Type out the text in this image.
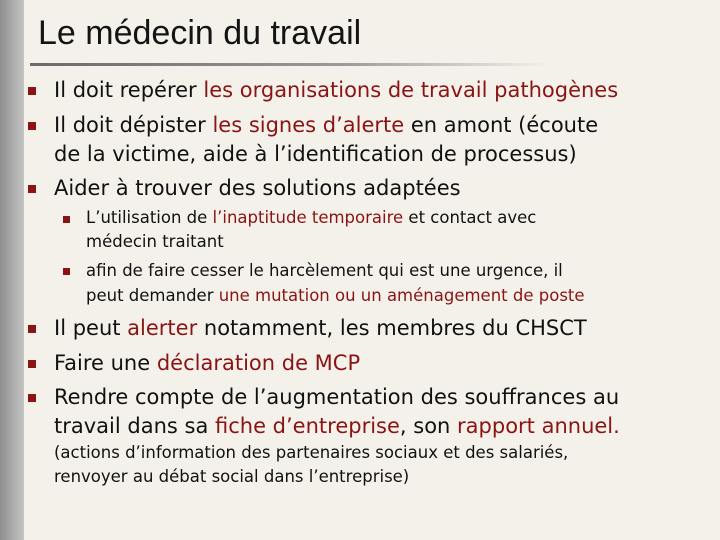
Le médecin du travail
Il doit repérer les organisations de travail pathogènes
Il doit dépister les signes d’alerte en amont (écoute
de la victime, aide à l’identification de processus)
Aider à trouver des solutions adaptées
L’utilisation de l’inaptitude temporaire et contact avec
médecin traitant
afin de faire cesser le harcèlement qui est une urgence, il
peut demander une mutation ou un aménagement de poste
Il peut alerter notamment, les membres du CHSCT
Faire une déclaration de MCP
Rendre compte de l’augmentation des souffrances au
travail dans sa fiche d’entreprise, son rapport annuel.
(actions d’information des partenaires sociaux et des salariés,
renvoyer au débat social dans l’entreprise)
